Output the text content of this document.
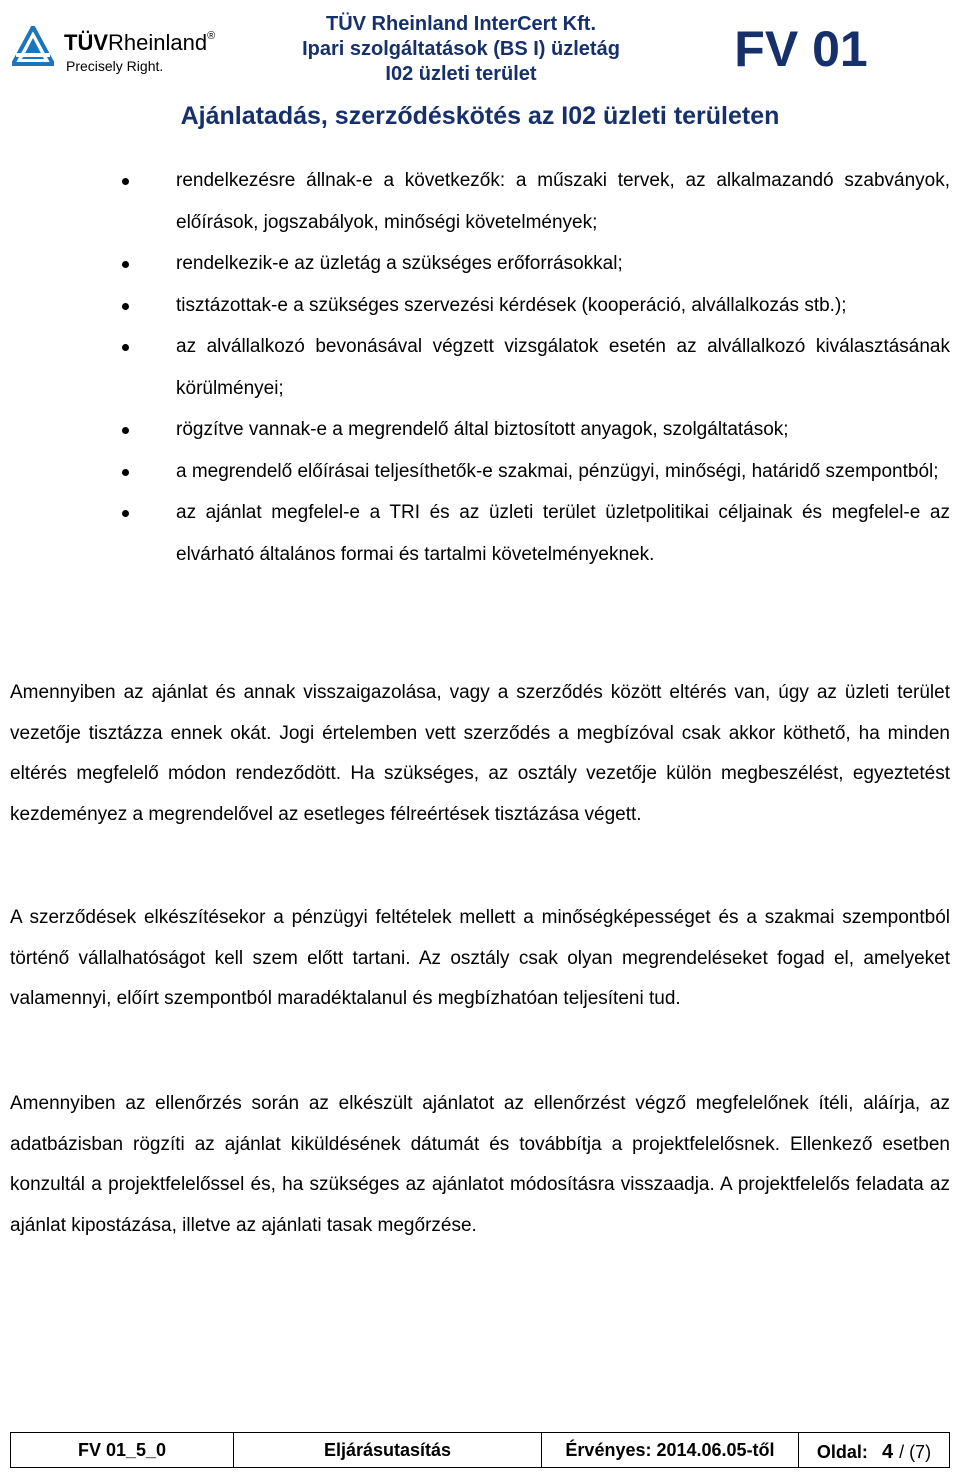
TÜVRheinland®
Precisely Right.
TÜV Rheinland InterCert Kft.
Ipari szolgáltatások (BS I) üzletág
I02 üzleti terület	FV 01
Ajánlatadás, szerződéskötés az I02 üzleti területen
rendelkezésre állnak-e a következők: a műszaki tervek, az alkalmazandó szabványok, előírások, jogszabályok, minőségi követelmények;
rendelkezik-e az üzletág a szükséges erőforrásokkal;
tisztázottak-e a szükséges szervezési kérdések (kooperáció, alvállalkozás stb.);
az alvállalkozó bevonásával végzett vizsgálatok esetén az alvállalkozó kiválasztásának körülményei;
rögzítve vannak-e a megrendelő által biztosított anyagok, szolgáltatások;
a megrendelő előírásai teljesíthetők-e szakmai, pénzügyi, minőségi, határidő szempontból;
az ajánlat megfelel-e a TRI és az üzleti terület üzletpolitikai céljainak és megfelel-e az elvárható általános formai és tartalmi követelményeknek.

Amennyiben az ajánlat és annak visszaigazolása, vagy a szerződés között eltérés van, úgy az üzleti terület vezetője tisztázza ennek okát. Jogi értelemben vett szerződés a megbízóval csak akkor köthető, ha minden eltérés megfelelő módon rendeződött. Ha szükséges, az osztály vezetője külön megbeszélést, egyeztetést kezdeményez a megrendelővel az esetleges félreértések tisztázása végett.

A szerződések elkészítésekor a pénzügyi feltételek mellett a minőségképességet és a szakmai szempontból történő vállalhatóságot kell szem előtt tartani. Az osztály csak olyan megrendeléseket fogad el, amelyeket valamennyi, előírt szempontból maradéktalanul és megbízhatóan teljesíteni tud.

Amennyiben az ellenőrzés során az elkészült ajánlatot az ellenőrzést végző megfelelőnek ítéli, aláírja, az adatbázisban rögzíti az ajánlat kiküldésének dátumát és továbbítja a projektfelelősnek. Ellenkező esetben konzultál a projektfelelőssel és, ha szükséges az ajánlatot módosításra visszaadja. A projektfelelős feladata az ajánlat kipostázása, illetve az ajánlati tasak megőrzése.

FV 01_5_0	Eljárásutasítás	Érvényes: 2014.06.05-től	Oldal: 4 / (7)
